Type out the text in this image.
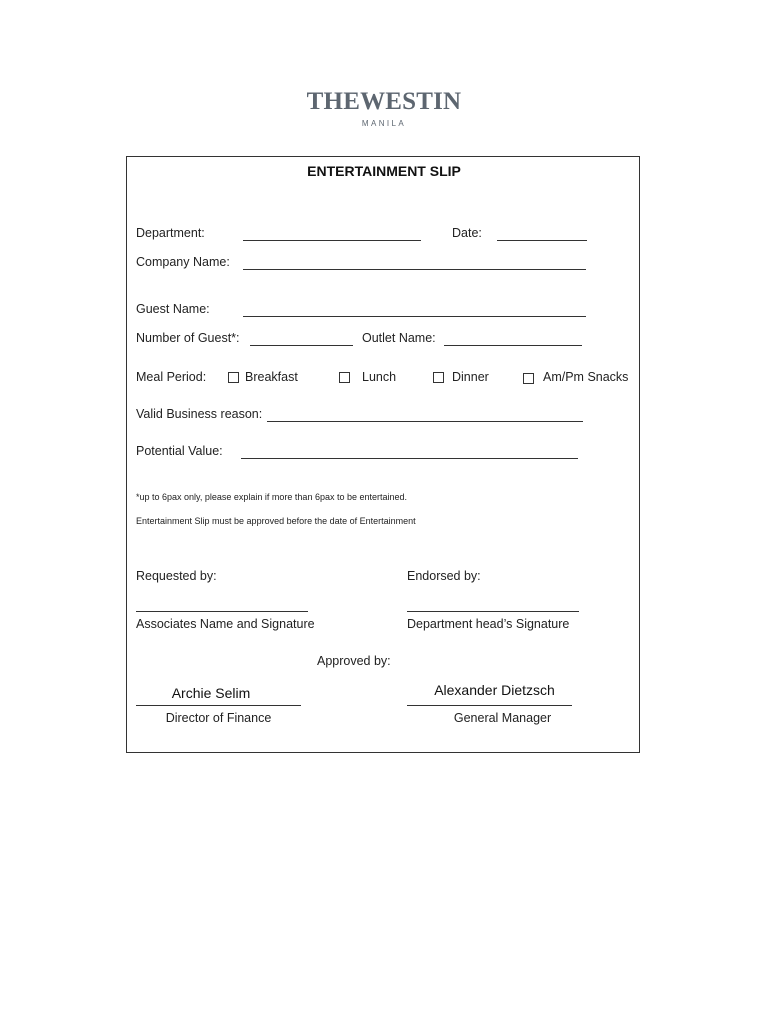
THEWESTIN
MANILA
ENTERTAINMENT SLIP
Department:	Date:
Company Name:
Guest Name:
Number of Guest*:	Outlet Name:
Meal Period:	Breakfast	Lunch	Dinner	Am/Pm Snacks
Valid Business reason:
Potential Value:
*up to 6pax only, please explain if more than 6pax to be entertained.
Entertainment Slip must be approved before the date of Entertainment
Requested by:	Endorsed by:
Associates Name and Signature	Department head’s Signature
Approved by:
Archie Selim	Alexander Dietzsch
Director of Finance	General Manager
